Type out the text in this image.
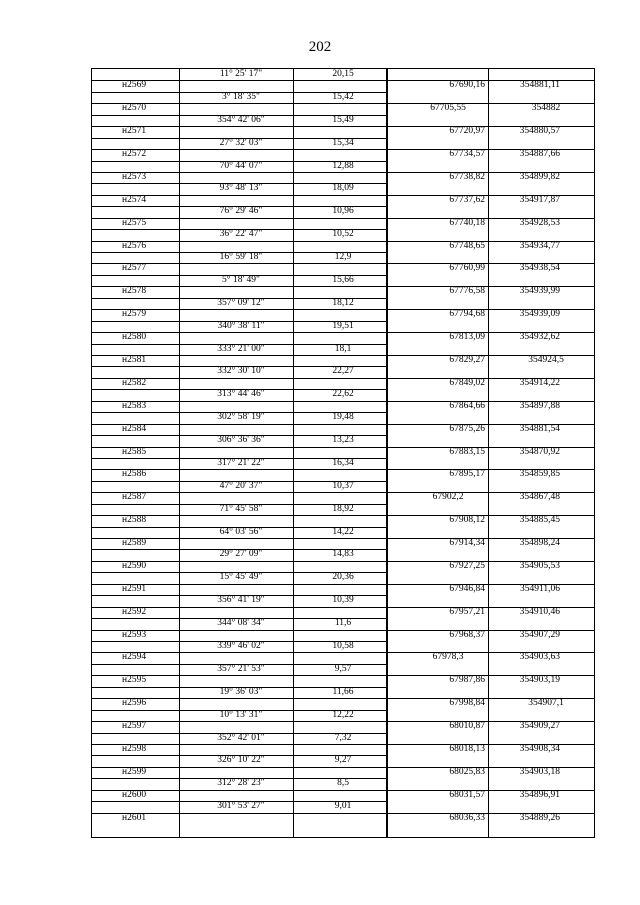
202
11° 25' 17"	20,15
н2569	67690,16	354881,11
3° 18' 35"	15,42
н2570	67705,55	354882
354° 42' 06"	15,49
н2571	67720,97	354880,57
27° 32' 03"	15,34
н2572	67734,57	354887,66
70° 44' 07"	12,88
н2573	67738,82	354899,82
93° 48' 13"	18,09
н2574	67737,62	354917,87
76° 29' 46"	10,96
н2575	67740,18	354928,53
36° 22' 47"	10,52
н2576	67748,65	354934,77
16° 59' 18"	12,9
н2577	67760,99	354938,54
5° 18' 49"	15,66
н2578	67776,58	354939,99
357° 09' 12"	18,12
н2579	67794,68	354939,09
340° 38' 11"	19,51
н2580	67813,09	354932,62
333° 21' 00"	18,1
н2581	67829,27	354924,5
332° 30' 10"	22,27
н2582	67849,02	354914,22
313° 44' 46"	22,62
н2583	67864,66	354897,88
302° 58' 19"	19,48
н2584	67875,26	354881,54
306° 36' 36"	13,23
н2585	67883,15	354870,92
317° 21' 22"	16,34
н2586	67895,17	354859,85
47° 20' 37"	10,37
н2587	67902,2	354867,48
71° 45' 58"	18,92
н2588	67908,12	354885,45
64° 03' 56"	14,22
н2589	67914,34	354898,24
29° 27' 09"	14,83
н2590	67927,25	354905,53
15° 45' 49"	20,36
н2591	67946,84	354911,06
356° 41' 19"	10,39
н2592	67957,21	354910,46
344° 08' 34"	11,6
н2593	67968,37	354907,29
339° 46' 02"	10,58
н2594	67978,3	354903,63
357° 21' 53"	9,57
н2595	67987,86	354903,19
19° 36' 03"	11,66
н2596	67998,84	354907,1
10° 13' 31"	12,22
н2597	68010,87	354909,27
352° 42' 01"	7,32
н2598	68018,13	354908,34
326° 10' 22"	9,27
н2599	68025,83	354903,18
312° 28' 23"	8,5
н2600	68031,57	354896,91
301° 53' 27"	9,01
н2601	68036,33	354889,26
